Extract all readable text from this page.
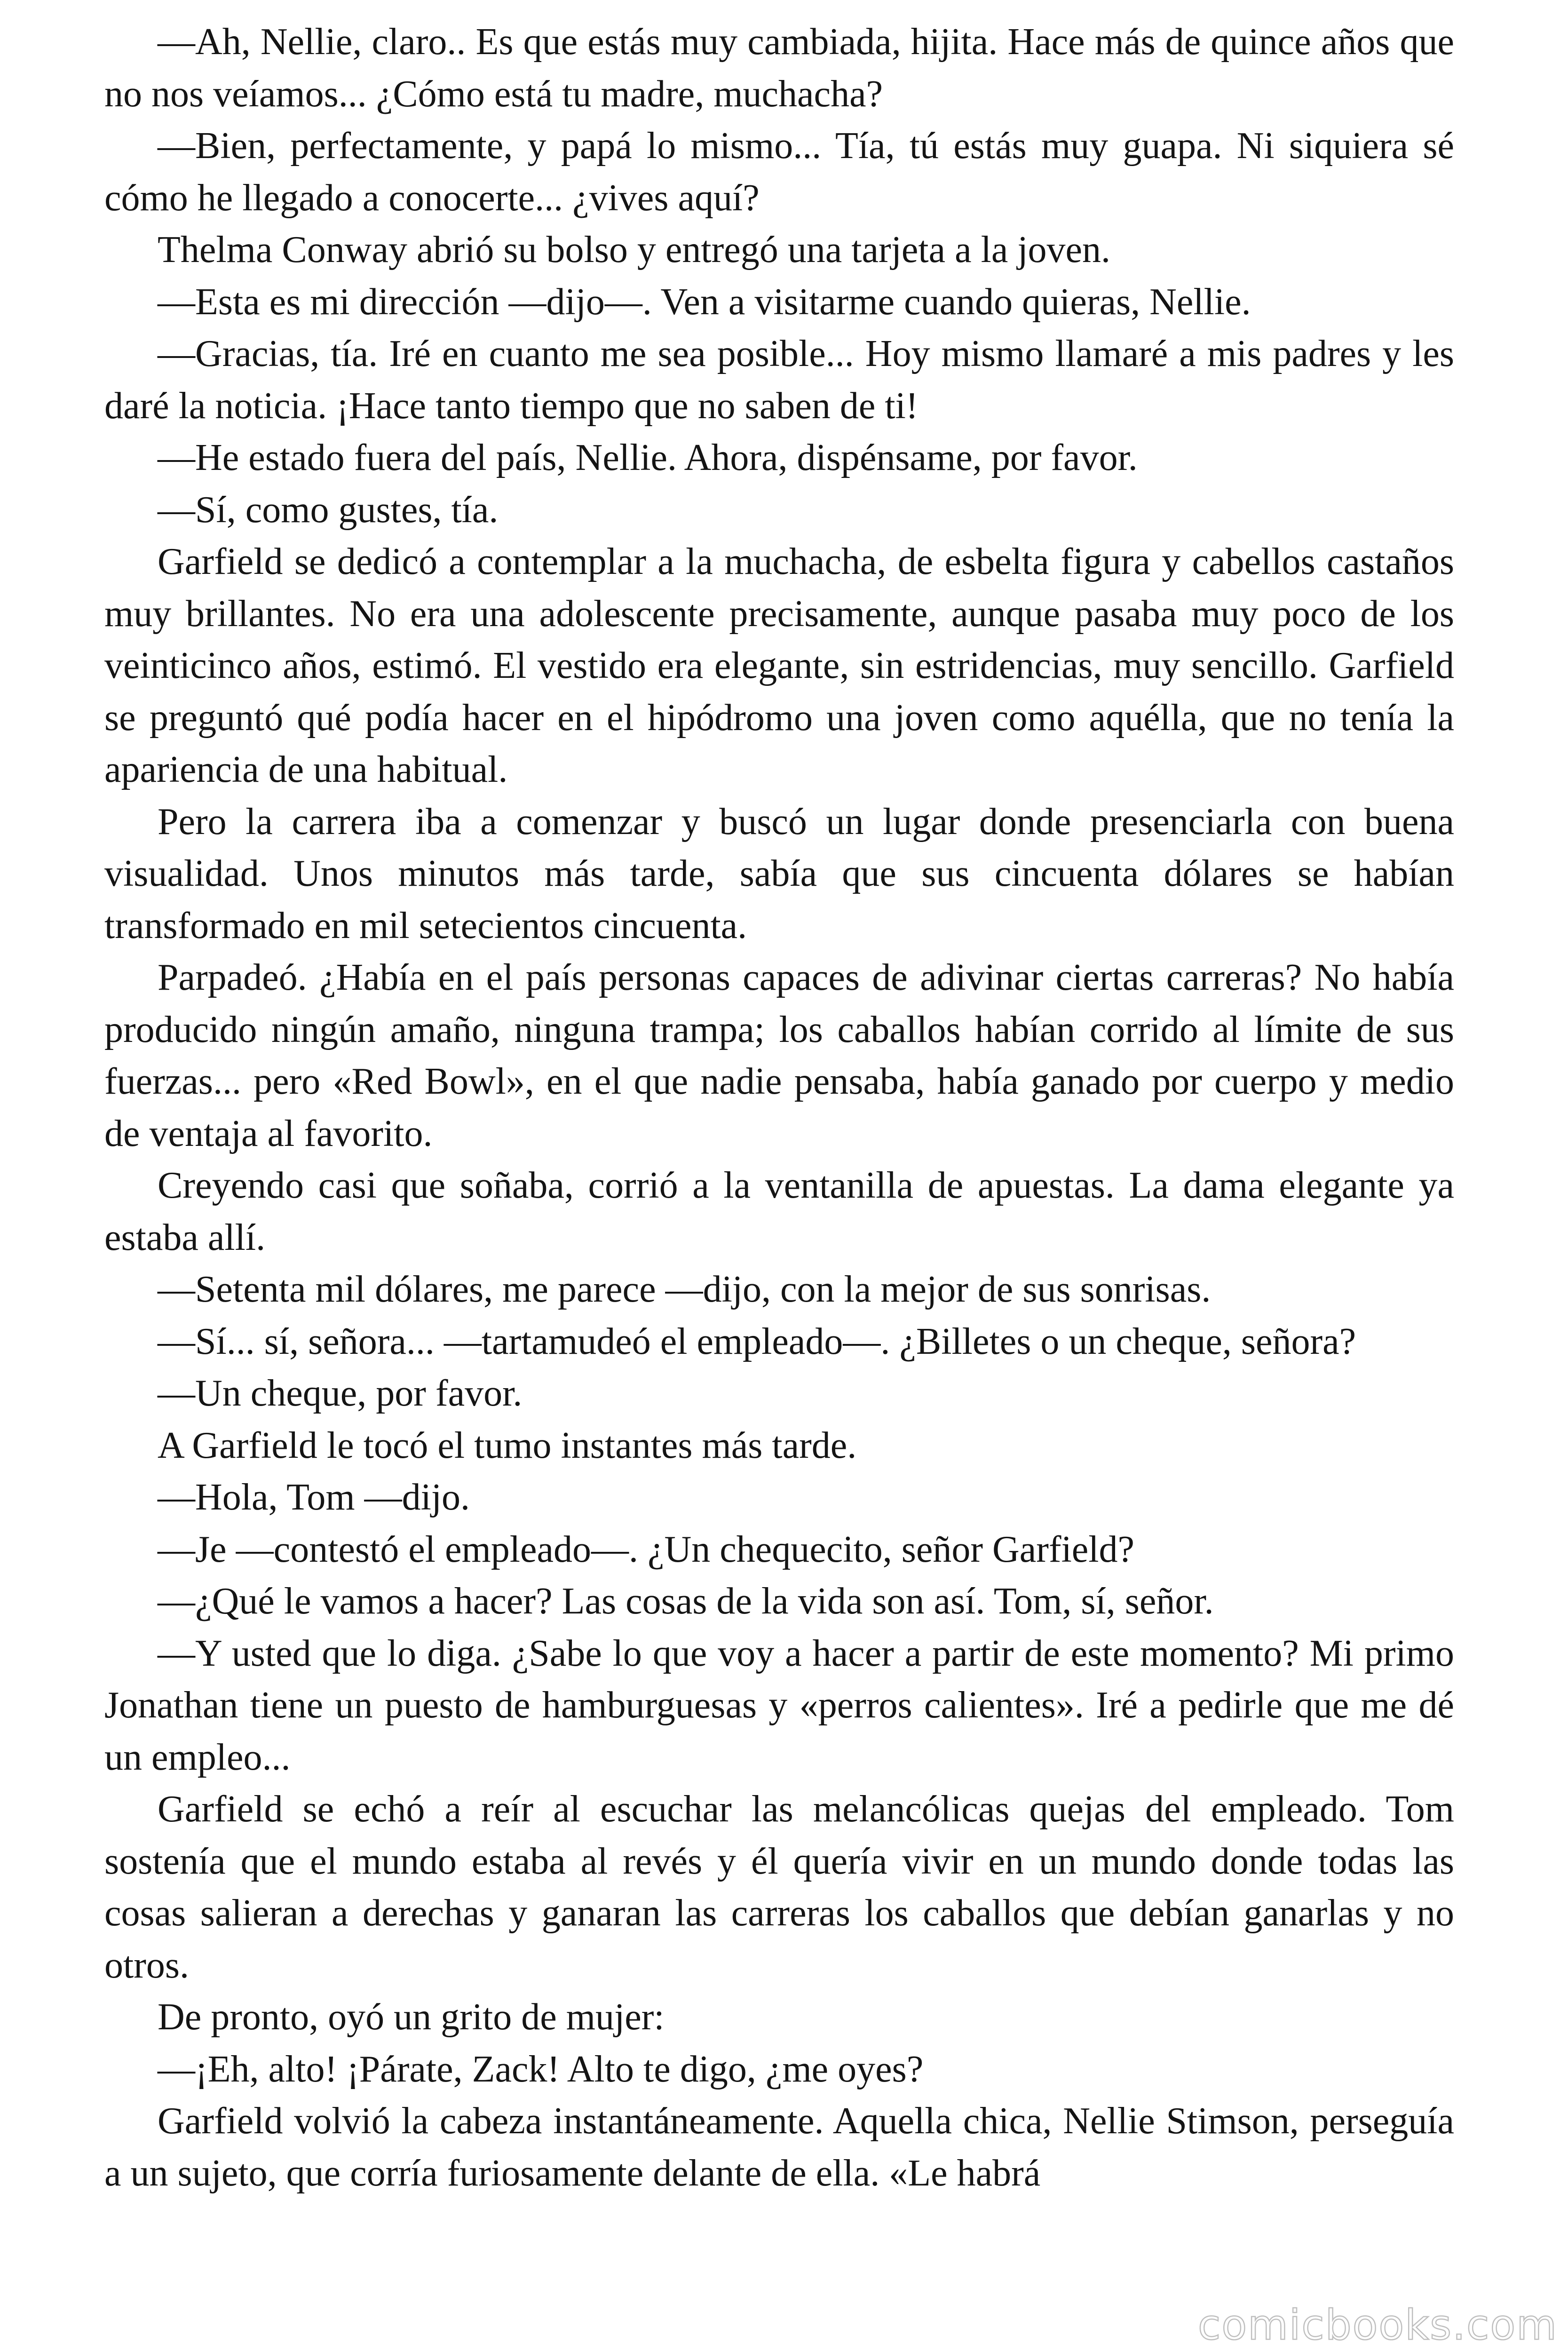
—Ah, Nellie, claro.. Es que estás muy cambiada, hijita. Hace más de quince años que no nos veíamos... ¿Cómo está tu madre, muchacha?

—Bien, perfectamente, y papá lo mismo... Tía, tú estás muy guapa. Ni siquiera sé cómo he llegado a conocerte... ¿vives aquí?

Thelma Conway abrió su bolso y entregó una tarjeta a la joven.

—Esta es mi dirección —dijo—. Ven a visitarme cuando quieras, Nellie.

—Gracias, tía. Iré en cuanto me sea posible... Hoy mismo llamaré a mis padres y les daré la noticia. ¡Hace tanto tiempo que no saben de ti!

—He estado fuera del país, Nellie. Ahora, dispénsame, por favor.

—Sí, como gustes, tía.

Garfield se dedicó a contemplar a la muchacha, de esbelta figura y cabellos castaños muy brillantes. No era una adolescente precisamente, aunque pasaba muy poco de los veinticinco años, estimó. El vestido era elegante, sin estridencias, muy sencillo. Garfield se preguntó qué podía hacer en el hipódromo una joven como aquélla, que no tenía la apariencia de una habitual.

Pero la carrera iba a comenzar y buscó un lugar donde presenciarla con buena visualidad. Unos minutos más tarde, sabía que sus cincuenta dólares se habían transformado en mil setecientos cincuenta.

Parpadeó. ¿Había en el país personas capaces de adivinar ciertas carreras? No había producido ningún amaño, ninguna trampa; los caballos habían corrido al límite de sus fuerzas... pero «Red Bowl», en el que nadie pensaba, había ganado por cuerpo y medio de ventaja al favorito.

Creyendo casi que soñaba, corrió a la ventanilla de apuestas. La dama elegante ya estaba allí.

—Setenta mil dólares, me parece —dijo, con la mejor de sus sonrisas.

—Sí... sí, señora... —tartamudeó el empleado—. ¿Billetes o un cheque, señora?

—Un cheque, por favor.

A Garfield le tocó el tumo instantes más tarde.

—Hola, Tom —dijo.

—Je —contestó el empleado—. ¿Un chequecito, señor Garfield?

—¿Qué le vamos a hacer? Las cosas de la vida son así. Tom, sí, señor.

—Y usted que lo diga. ¿Sabe lo que voy a hacer a partir de este momento? Mi primo Jonathan tiene un puesto de hamburguesas y «perros calientes». Iré a pedirle que me dé un empleo...

Garfield se echó a reír al escuchar las melancólicas quejas del empleado. Tom sostenía que el mundo estaba al revés y él quería vivir en un mundo donde todas las cosas salieran a derechas y ganaran las carreras los caballos que debían ganarlas y no otros.

De pronto, oyó un grito de mujer:

—¡Eh, alto! ¡Párate, Zack! Alto te digo, ¿me oyes?

Garfield volvió la cabeza instantáneamente. Aquella chica, Nellie Stimson, perseguía a un sujeto, que corría furiosamente delante de ella. «Le habrá

comicbooks.com
